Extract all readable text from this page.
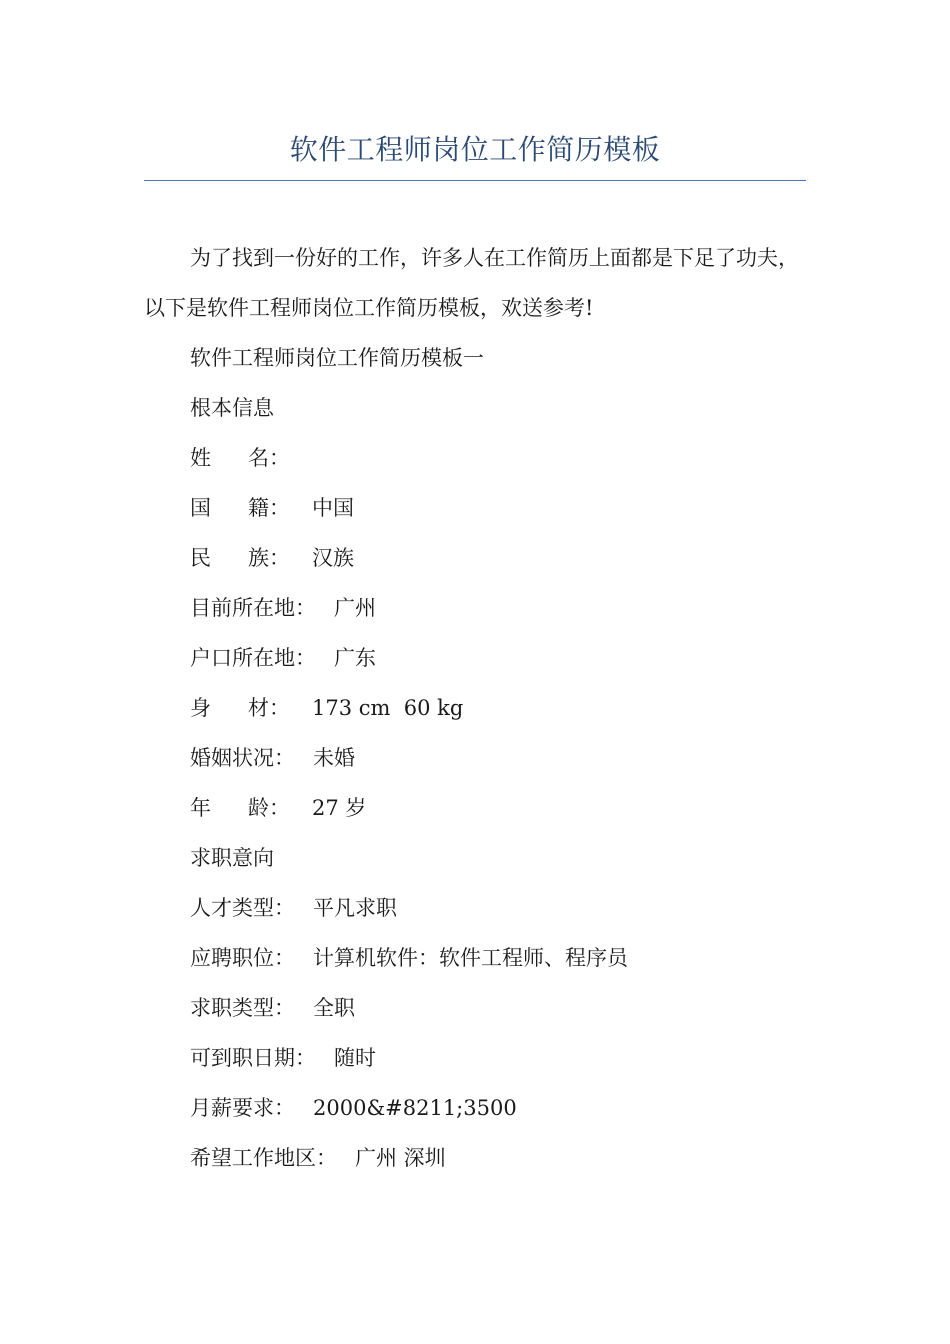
软件工程师岗位工作简历模板

为了找到一份好的工作，许多人在工作简历上面都是下足了功夫，以下是软件工程师岗位工作简历模板，欢送参考!

软件工程师岗位工作简历模板一
根本信息
姓 名：
国 籍： 中国
民 族： 汉族
目前所在地： 广州
户口所在地： 广东
身 材： 173 cm  60 kg
婚姻状况： 未婚
年 龄： 27 岁
求职意向
人才类型： 平凡求职
应聘职位： 计算机软件：软件工程师、程序员
求职类型： 全职
可到职日期： 随时
月薪要求： 2000&#8211;3500
希望工作地区： 广州 深圳
